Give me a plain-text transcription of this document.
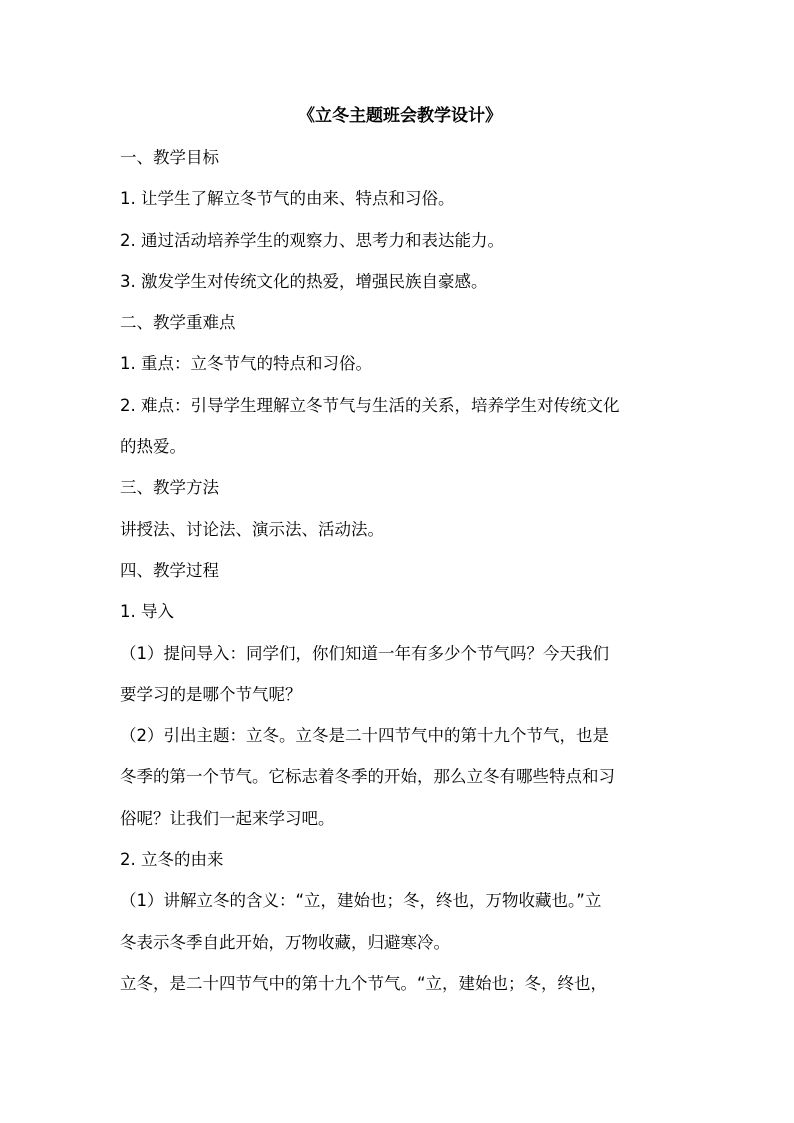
《立冬主题班会教学设计》

一、教学目标

1. 让学生了解立冬节气的由来、特点和习俗。

2. 通过活动培养学生的观察力、思考力和表达能力。

3. 激发学生对传统文化的热爱，增强民族自豪感。

二、教学重难点

1. 重点：立冬节气的特点和习俗。

2. 难点：引导学生理解立冬节气与生活的关系，培养学生对传统文化

的热爱。

三、教学方法

讲授法、讨论法、演示法、活动法。

四、教学过程

1. 导入

（1）提问导入：同学们，你们知道一年有多少个节气吗？今天我们

要学习的是哪个节气呢？

（2）引出主题：立冬。立冬是二十四节气中的第十九个节气，也是

冬季的第一个节气。它标志着冬季的开始，那么立冬有哪些特点和习

俗呢？让我们一起来学习吧。

2. 立冬的由来

（1）讲解立冬的含义：“立，建始也；冬，终也，万物收藏也。”立

冬表示冬季自此开始，万物收藏，归避寒冷。

立冬，是二十四节气中的第十九个节气。“立，建始也；冬，终也，
